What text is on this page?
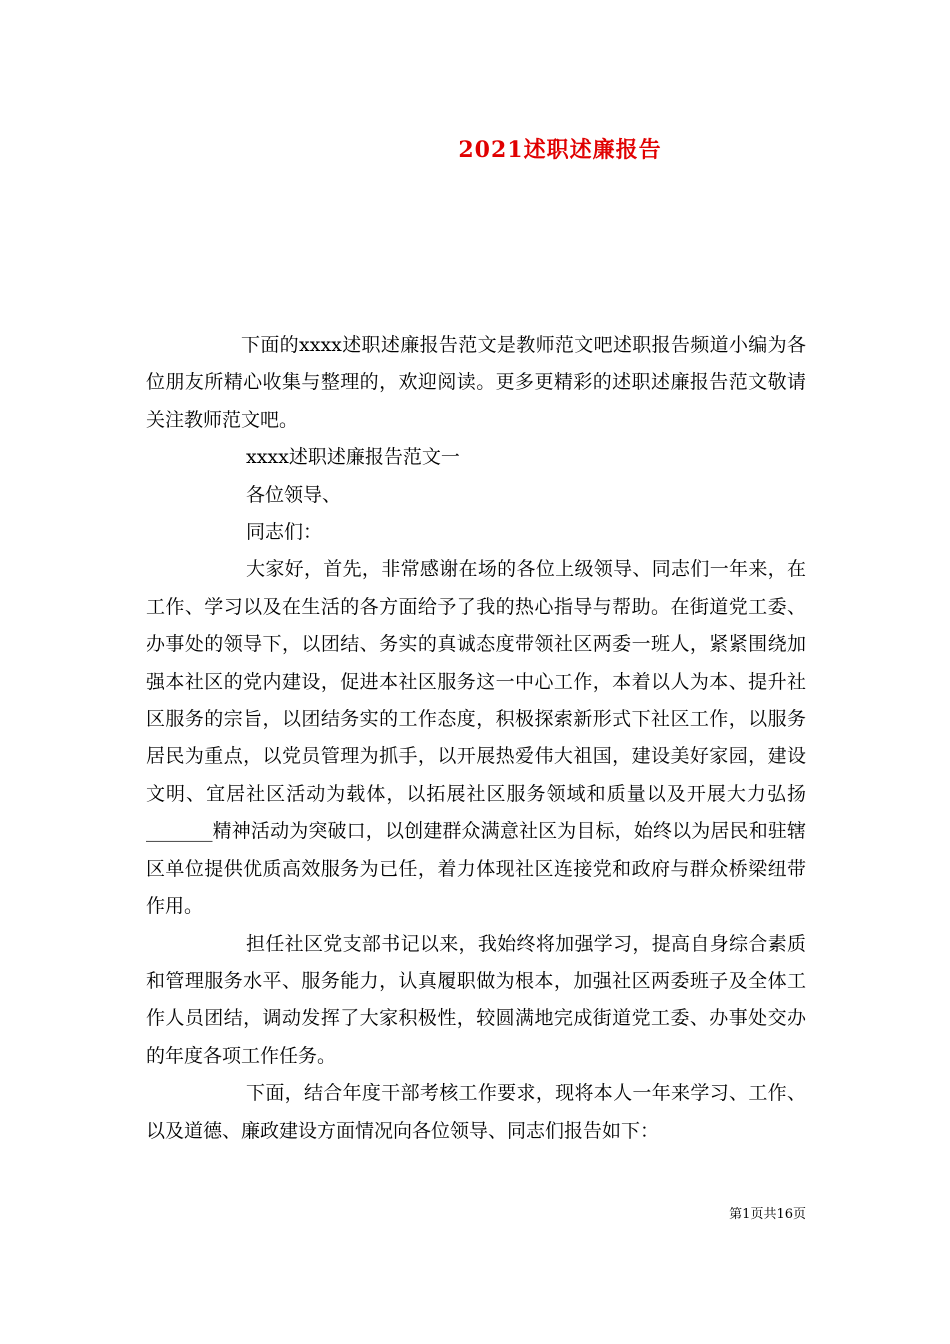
2021述职述廉报告

下面的xxxx述职述廉报告范文是教师范文吧述职报告频道小编为各位朋友所精心收集与整理的，欢迎阅读。更多更精彩的述职述廉报告范文敬请关注教师范文吧。

xxxx述职述廉报告范文一

各位领导、

同志们：

大家好，首先，非常感谢在场的各位上级领导、同志们一年来，在工作、学习以及在生活的各方面给予了我的热心指导与帮助。在街道党工委、办事处的领导下，以团结、务实的真诚态度带领社区两委一班人，紧紧围绕加强本社区的党内建设，促进本社区服务这一中心工作，本着以人为本、提升社区服务的宗旨，以团结务实的工作态度，积极探索新形式下社区工作，以服务居民为重点，以党员管理为抓手，以开展热爱伟大祖国，建设美好家园，建设文明、宜居社区活动为载体，以拓展社区服务领域和质量以及开展大力弘扬_______精神活动为突破口，以创建群众满意社区为目标，始终以为居民和驻辖区单位提供优质高效服务为已任，着力体现社区连接党和政府与群众桥梁纽带作用。

担任社区党支部书记以来，我始终将加强学习，提高自身综合素质和管理服务水平、服务能力，认真履职做为根本，加强社区两委班子及全体工作人员团结，调动发挥了大家积极性，较圆满地完成街道党工委、办事处交办的年度各项工作任务。

下面，结合年度干部考核工作要求，现将本人一年来学习、工作、以及道德、廉政建设方面情况向各位领导、同志们报告如下：

第1页共16页
